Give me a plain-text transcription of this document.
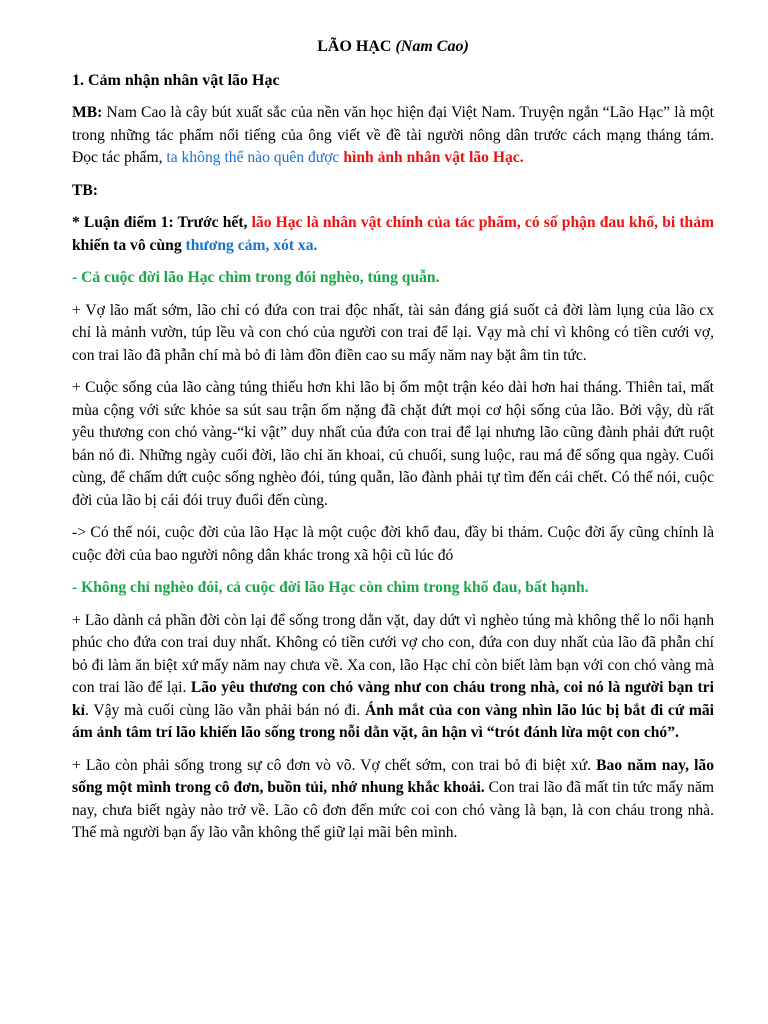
LÃO HẠC (Nam Cao)
1. Cảm nhận nhân vật lão Hạc

MB: Nam Cao là cây bút xuất sắc của nền văn học hiện đại Việt Nam. Truyện ngắn “Lão Hạc” là một trong những tác phẩm nổi tiếng của ông viết về đề tài người nông dân trước cách mạng tháng tám. Đọc tác phẩm, ta không thể nào quên được hình ảnh nhân vật lão Hạc.

TB:

* Luận điểm 1: Trước hết, lão Hạc là nhân vật chính của tác phẩm, có số phận đau khổ, bi thảm khiến ta vô cùng thương cảm, xót xa.

- Cả cuộc đời lão Hạc chìm trong đói nghèo, túng quẫn.

+ Vợ lão mất sớm, lão chỉ có đứa con trai độc nhất, tài sản đáng giá suốt cả đời làm lụng của lão cx chỉ là mảnh vườn, túp lều và con chó của người con trai để lại. Vạy mà chỉ vì không có tiền cưới vợ, con trai lão đã phẫn chí mà bỏ đi làm đồn điền cao su mấy năm nay bặt âm tin tức.

+ Cuộc sống của lão càng túng thiếu hơn khi lão bị ốm một trận kéo dài hơn hai tháng. Thiên tai, mất mùa cộng với sức khỏe sa sút sau trận ốm nặng đã chặt đứt mọi cơ hội sống của lão. Bởi vậy, dù rất yêu thương con chó vàng-“kỉ vật” duy nhất của đứa con trai để lại nhưng lão cũng đành phải đứt ruột bán nó đi. Những ngày cuối đời, lão chỉ ăn khoai, củ chuối, sung luộc, rau má để sống qua ngày. Cuối cùng, để chấm dứt cuộc sống nghèo đói, túng quẫn, lão đành phải tự tìm đến cái chết. Có thể nói, cuộc đời của lão bị cái đói truy đuổi đến cùng.

-> Có thể nói, cuộc đời của lão Hạc là một cuộc đời khổ đau, đầy bi thảm. Cuộc đời ấy cũng chính là cuộc đời của bao người nông dân khác trong xã hội cũ lúc đó

- Không chỉ nghèo đói, cả cuộc đời lão Hạc còn chìm trong khổ đau, bất hạnh.

+ Lão dành cả phần đời còn lại để sống trong dằn vặt, day dứt vì nghèo túng mà không thể lo nổi hạnh phúc cho đứa con trai duy nhất. Không có tiền cưới vợ cho con, đứa con duy nhất của lão đã phẫn chí bỏ đi làm ăn biệt xứ mấy năm nay chưa về. Xa con, lão Hạc chỉ còn biết làm bạn với con chó vàng mà con trai lão để lại. Lão yêu thương con chó vàng như con cháu trong nhà, coi nó là người bạn tri kỉ. Vậy mà cuối cùng lão vẫn phải bán nó đi. Ánh mắt của con vàng nhìn lão lúc bị bắt đi cứ mãi ám ảnh tâm trí lão khiến lão sống trong nỗi dằn vặt, ân hận vì “trót đánh lừa một con chó”.

+ Lão còn phải sống trong sự cô đơn vò võ. Vợ chết sớm, con trai bỏ đi biệt xứ. Bao năm nay, lão sống một mình trong cô đơn, buồn tủi, nhớ nhung khắc khoải. Con trai lão đã mất tin tức mấy năm nay, chưa biết ngày nào trở về. Lão cô đơn đến mức coi con chó vàng là bạn, là con cháu trong nhà. Thế mà người bạn ấy lão vẫn không thể giữ lại mãi bên mình.
